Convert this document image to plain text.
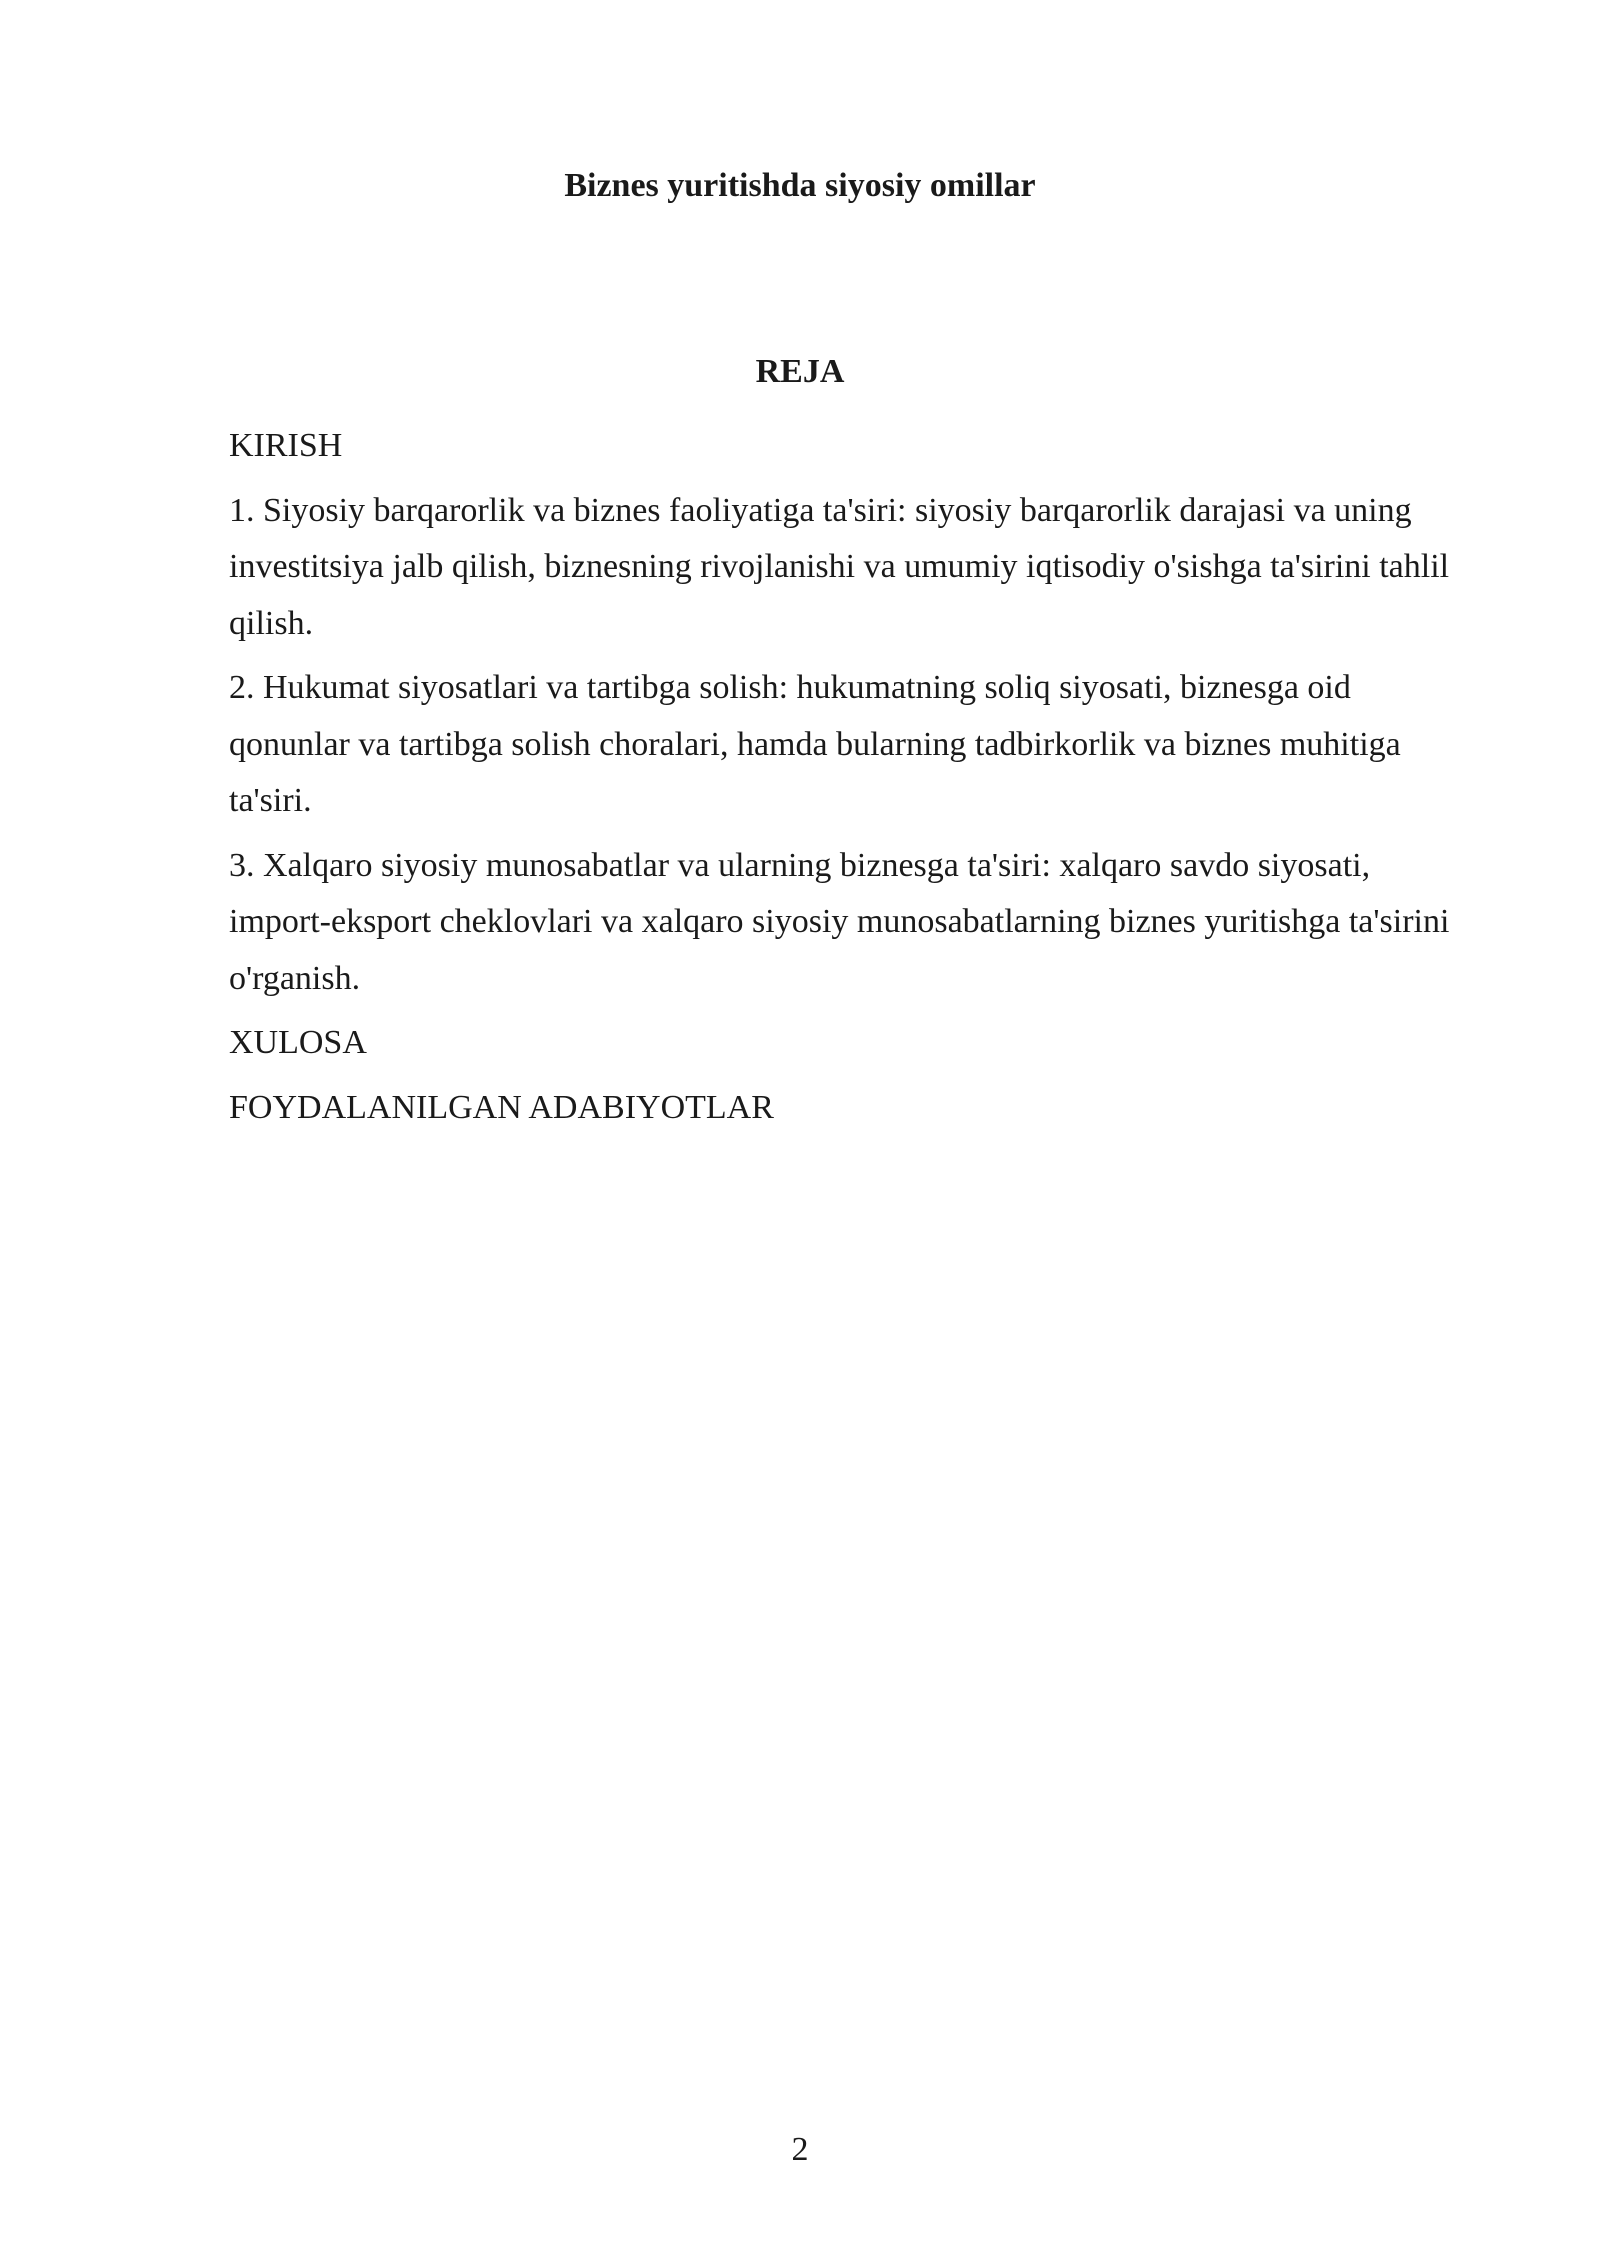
Biznes yuritishda siyosiy omillar
REJA

KIRISH

1. Siyosiy barqarorlik va biznes faoliyatiga ta'siri: siyosiy barqarorlik darajasi va uning investitsiya jalb qilish, biznesning rivojlanishi va umumiy iqtisodiy o'sishga ta'sirini tahlil qilish.

2. Hukumat siyosatlari va tartibga solish: hukumatning soliq siyosati, biznesga oid qonunlar va tartibga solish choralari, hamda bularning tadbirkorlik va biznes muhitiga ta'siri.

3. Xalqaro siyosiy munosabatlar va ularning biznesga ta'siri: xalqaro savdo siyosati, import-eksport cheklovlari va xalqaro siyosiy munosabatlarning biznes yuritishga ta'sirini o'rganish.

XULOSA

FOYDALANILGAN ADABIYOTLAR

2
